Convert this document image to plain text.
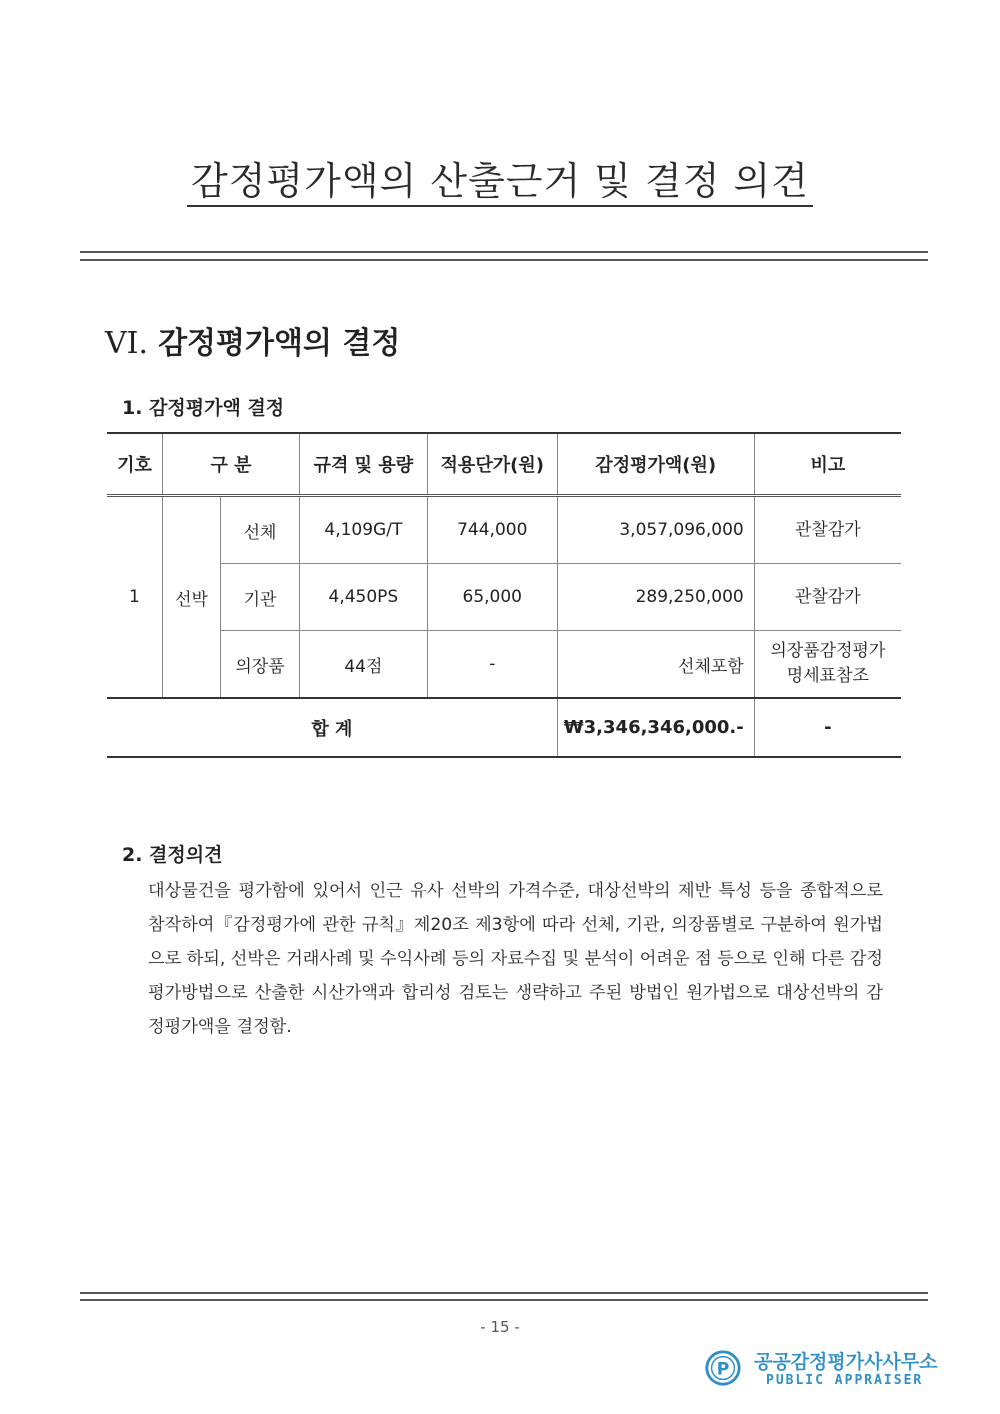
감정평가액의 산출근거 및 결정 의견
VI. 감정평가액의 결정
1. 감정평가액 결정
기호	구 분		규격 및 용량	적용단가(원)	감정평가액(원)	비고
1	선박	선체	4,109G/T	744,000	3,057,096,000	관찰감가

		기관	4,450PS	65,000	289,250,000	관찰감가

		의장품	44점	-	선체포함	의장품감정평가
명세표참조

합 계					₩3,346,346,000.-	-
2. 결정의견
대상물건을 평가함에 있어서 인근 유사 선박의 가격수준, 대상선박의 제반 특성 등을 종합적으로 참작하여『감정평가에 관한 규칙』제20조 제3항에 따라 선체, 기관, 의장품별로 구분하여 원가법으로 하되, 선박은 거래사례 및 수익사례 등의 자료수집 및 분석이 어려운 점 등으로 인해 다른 감정평가방법으로 산출한 시산가액과 합리성 검토는 생략하고 주된 방법인 원가법으로 대상선박의 감정평가액을 결정함.
- 15 -
P 공공감정평가사사무소
PUBLIC APPRAISER
